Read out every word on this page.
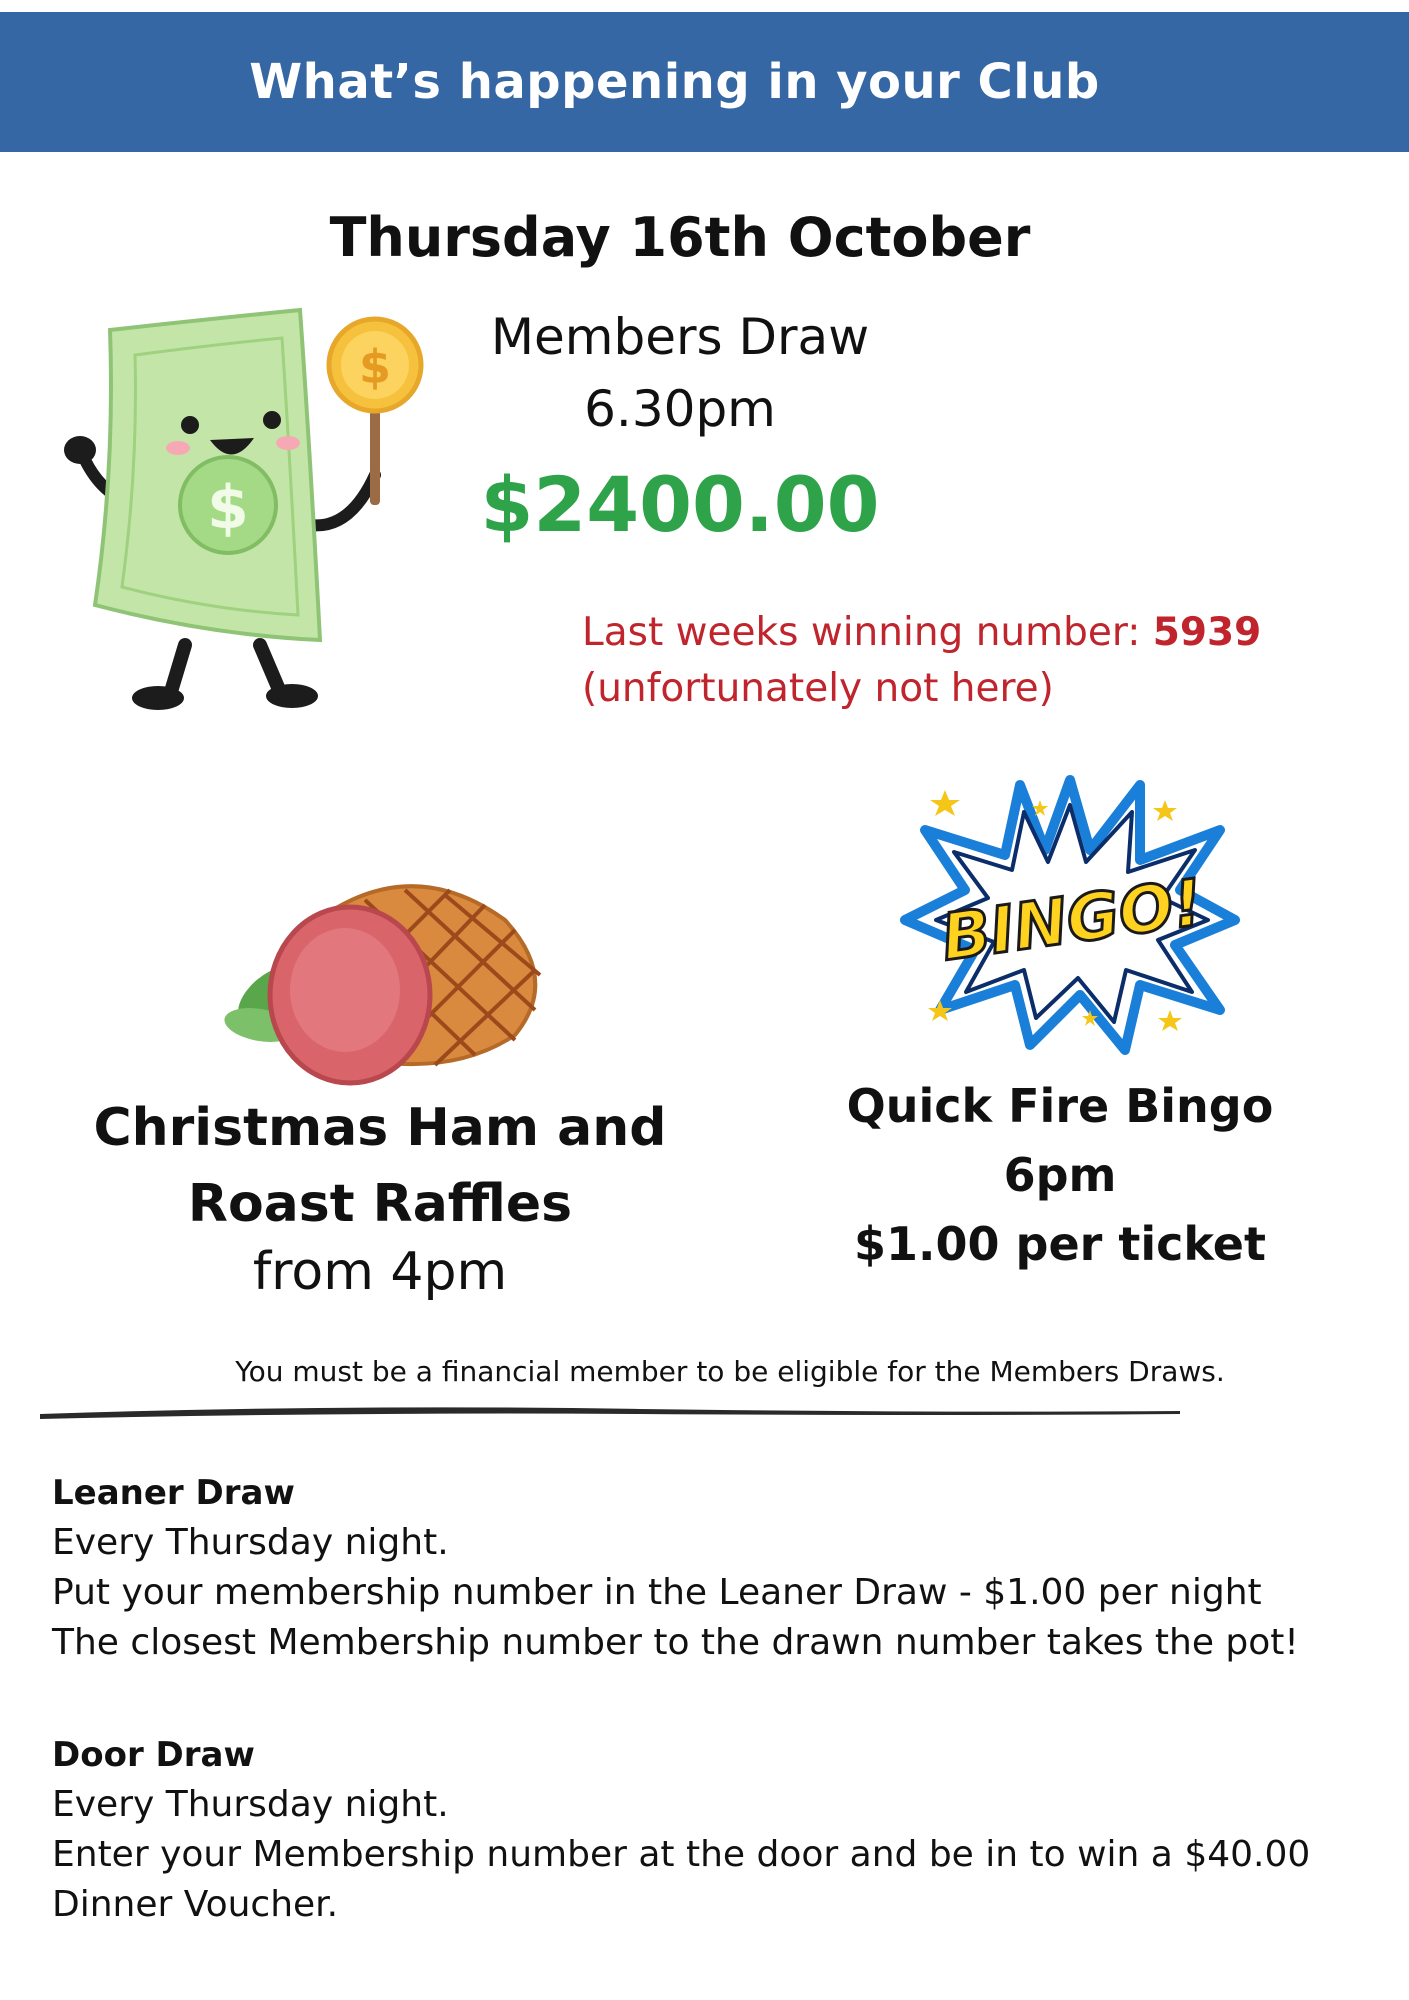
What’s happening in your Club
Thursday 16th October
$
$
Members Draw
6.30pm
$2400.00
Last weeks winning number: 5939
(unfortunately not here)
Christmas Ham and
Roast Raffles
from 4pm
BINGO!
Quick Fire Bingo
6pm
$1.00 per ticket
You must be a financial member to be eligible for the Members Draws.
Leaner Draw
Every Thursday night.
Put your membership number in the Leaner Draw - $1.00 per night
The closest Membership number to the drawn number takes the pot!
Door Draw
Every Thursday night.
Enter your Membership number at the door and be in to win a $40.00
Dinner Voucher.
